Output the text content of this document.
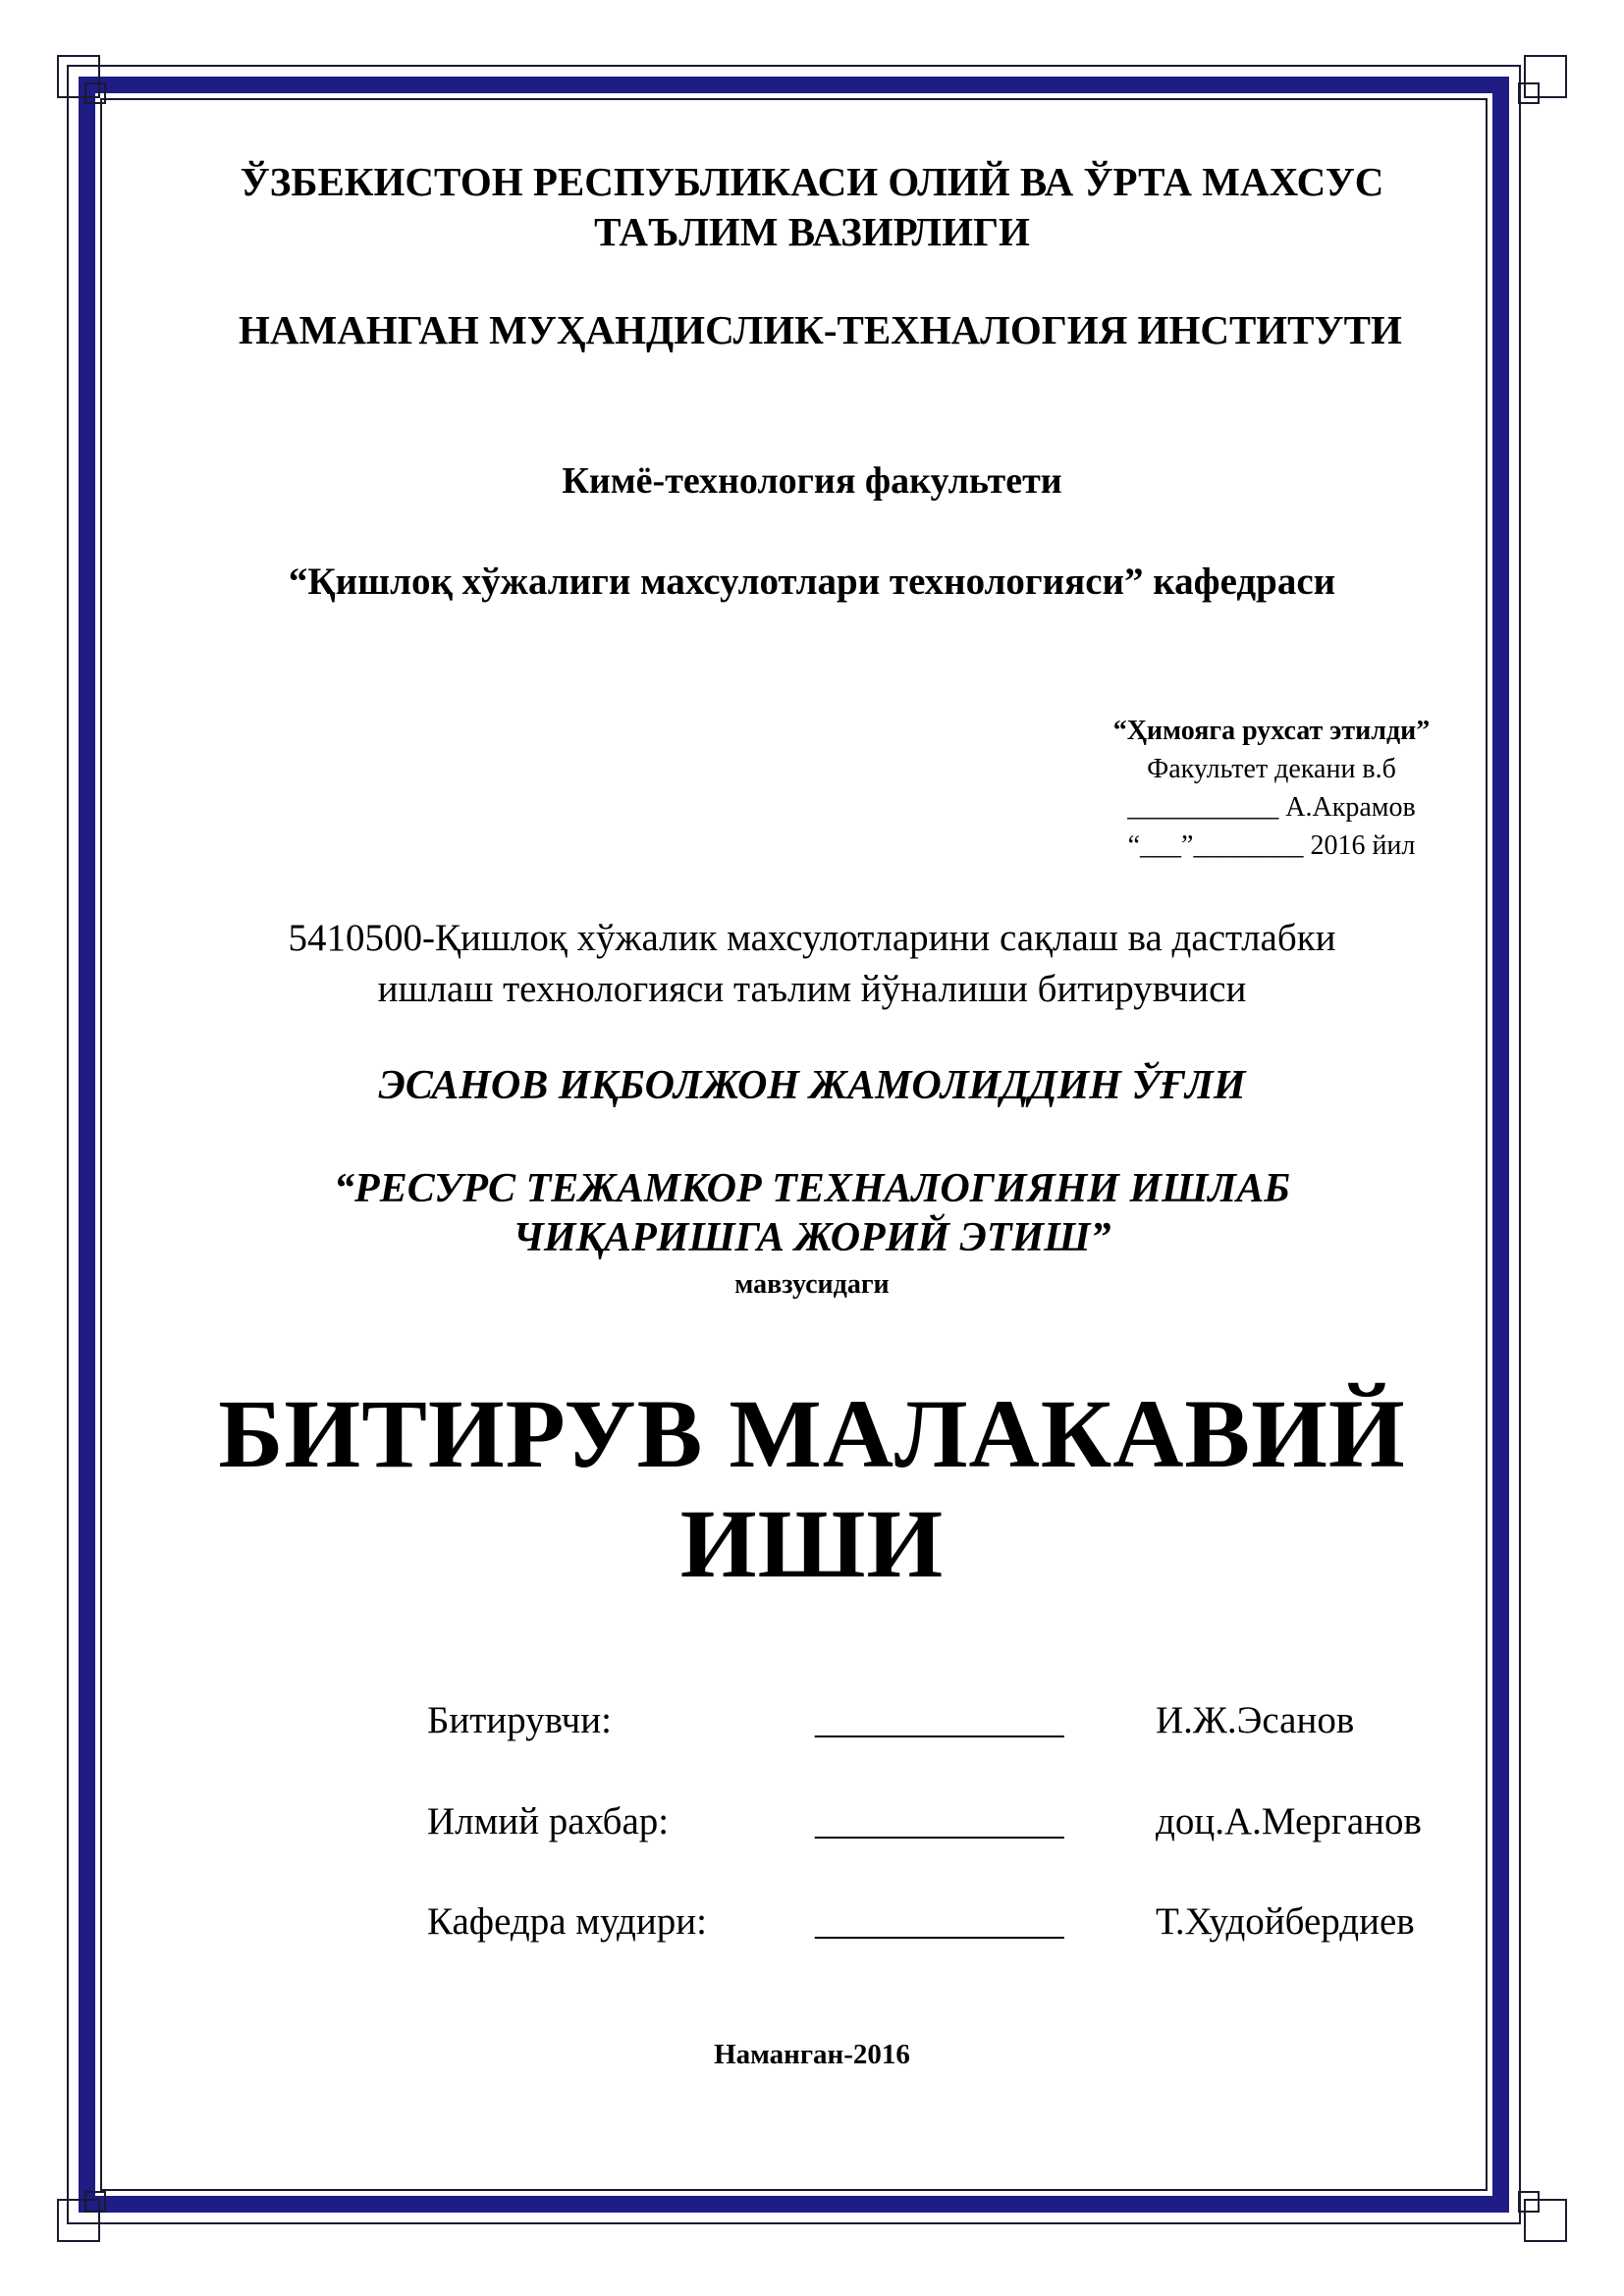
ЎЗБЕКИСТОН РЕСПУБЛИКАСИ ОЛИЙ ВА ЎРТА МАХСУС
ТАЪЛИМ ВАЗИРЛИГИ
НАМАНГАН МУҲАНДИСЛИК-ТЕХНАЛОГИЯ ИНСТИТУТИ
Кимё-технология факультети
“Қишлоқ хўжалиги махсулотлари технологияси” кафедраси
“Ҳимояга рухсат этилди”
Факультет декани в.б
___________ А.Акрамов
“___”________ 2016 йил
5410500-Қишлоқ хўжалик махсулотларини сақлаш ва дастлабки
ишлаш технологияси таълим йўналиши битирувчиси
ЭСАНОВ ИҚБОЛЖОН ЖАМОЛИДДИН ЎҒЛИ
“РЕСУРС ТЕЖАМКОР ТЕХНАЛОГИЯНИ ИШЛАБ
ЧИҚАРИШГА ЖОРИЙ ЭТИШ”
мавзусидаги
БИТИРУВ МАЛАКАВИЙ
ИШИ
Битирувчи:	_____________ И.Ж.Эсанов
Илмий рахбар:	_____________ доц.А.Мерганов
Кафедра мудири:	_____________ Т.Худойбердиев
Наманган-2016
